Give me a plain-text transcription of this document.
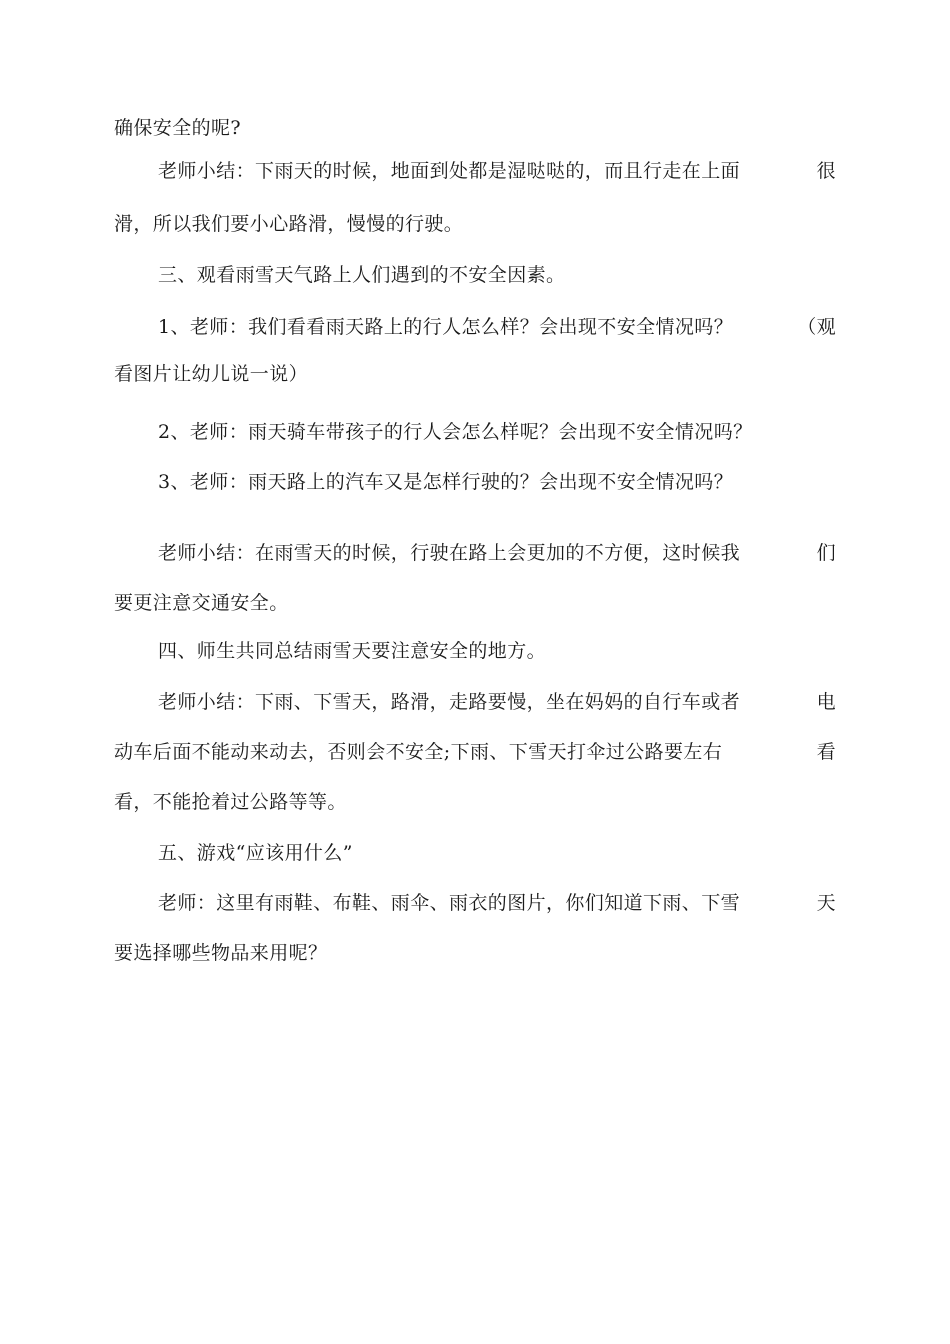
确保安全的呢?
老师小结：下雨天的时候，地面到处都是湿哒哒的，而且行走在上面	很
滑，所以我们要小心路滑，慢慢的行驶。
三、观看雨雪天气路上人们遇到的不安全因素。
1、老师：我们看看雨天路上的行人怎么样？会出现不安全情况吗？	（观
看图片让幼儿说一说）
2、老师：雨天骑车带孩子的行人会怎么样呢？会出现不安全情况吗？
3、老师：雨天路上的汽车又是怎样行驶的？会出现不安全情况吗？
老师小结：在雨雪天的时候，行驶在路上会更加的不方便，这时候我	们
要更注意交通安全。
四、师生共同总结雨雪天要注意安全的地方。
老师小结：下雨、下雪天，路滑，走路要慢，坐在妈妈的自行车或者	电
动车后面不能动来动去，否则会不安全;下雨、下雪天打伞过公路要左右	看
看，不能抢着过公路等等。
五、游戏“应该用什么”
老师：这里有雨鞋、布鞋、雨伞、雨衣的图片，你们知道下雨、下雪	天
要选择哪些物品来用呢？
